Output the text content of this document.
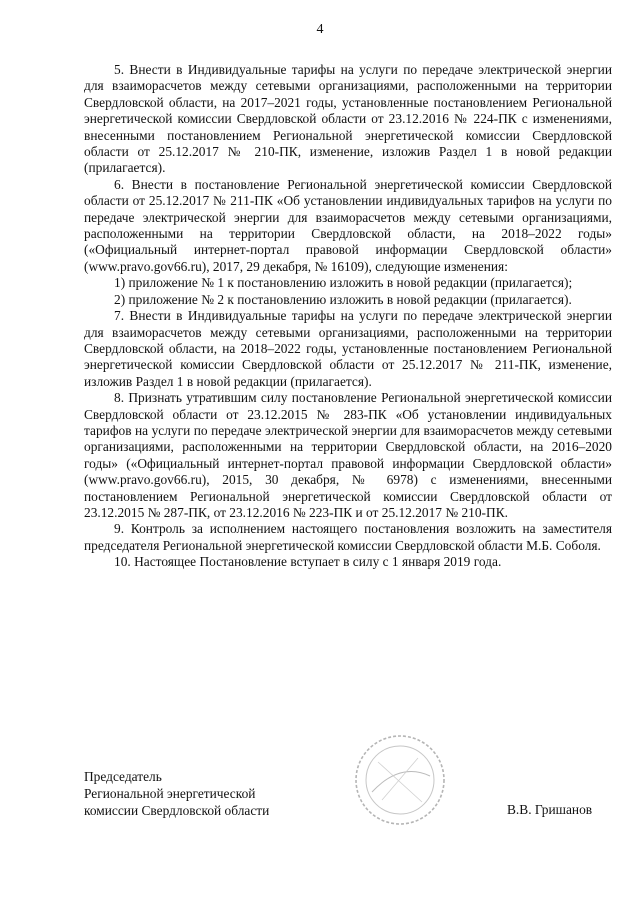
4

5. Внести в Индивидуальные тарифы на услуги по передаче электрической энергии для взаиморасчетов между сетевыми организациями, расположенными на территории Свердловской области, на 2017–2021 годы, установленные постановлением Региональной энергетической комиссии Свердловской области от 23.12.2016 № 224-ПК с изменениями, внесенными постановлением Региональной энергетической комиссии Свердловской области от 25.12.2017 № 210-ПК, изменение, изложив Раздел 1 в новой редакции (прилагается).

6. Внести в постановление Региональной энергетической комиссии Свердловской области от 25.12.2017 № 211-ПК «Об установлении индивидуальных тарифов на услуги по передаче электрической энергии для взаиморасчетов между сетевыми организациями, расположенными на территории Свердловской области, на 2018–2022 годы» («Официальный интернет-портал правовой информации Свердловской области» (www.pravo.gov66.ru), 2017, 29 декабря, № 16109), следующие изменения:

1) приложение № 1 к постановлению изложить в новой редакции (прилагается);

2) приложение № 2 к постановлению изложить в новой редакции (прилагается).

7. Внести в Индивидуальные тарифы на услуги по передаче электрической энергии для взаиморасчетов между сетевыми организациями, расположенными на территории Свердловской области, на 2018–2022 годы, установленные постановлением Региональной энергетической комиссии Свердловской области от 25.12.2017 № 211-ПК, изменение, изложив Раздел 1 в новой редакции (прилагается).

8. Признать утратившим силу постановление Региональной энергетической комиссии Свердловской области от 23.12.2015 № 283-ПК «Об установлении индивидуальных тарифов на услуги по передаче электрической энергии для взаиморасчетов между сетевыми организациями, расположенными на территории Свердловской области, на 2016–2020 годы» («Официальный интернет-портал правовой информации Свердловской области» (www.pravo.gov66.ru), 2015, 30 декабря, № 6978) с изменениями, внесенными постановлением Региональной энергетической комиссии Свердловской области от 23.12.2015 № 287-ПК, от 23.12.2016 № 223-ПК и от 25.12.2017 № 210-ПК.

9. Контроль за исполнением настоящего постановления возложить на заместителя председателя Региональной энергетической комиссии Свердловской области М.Б. Соболя.

10. Настоящее Постановление вступает в силу с 1 января 2019 года.

Председатель
Региональной энергетической
комиссии Свердловской области	В.В. Гришанов
